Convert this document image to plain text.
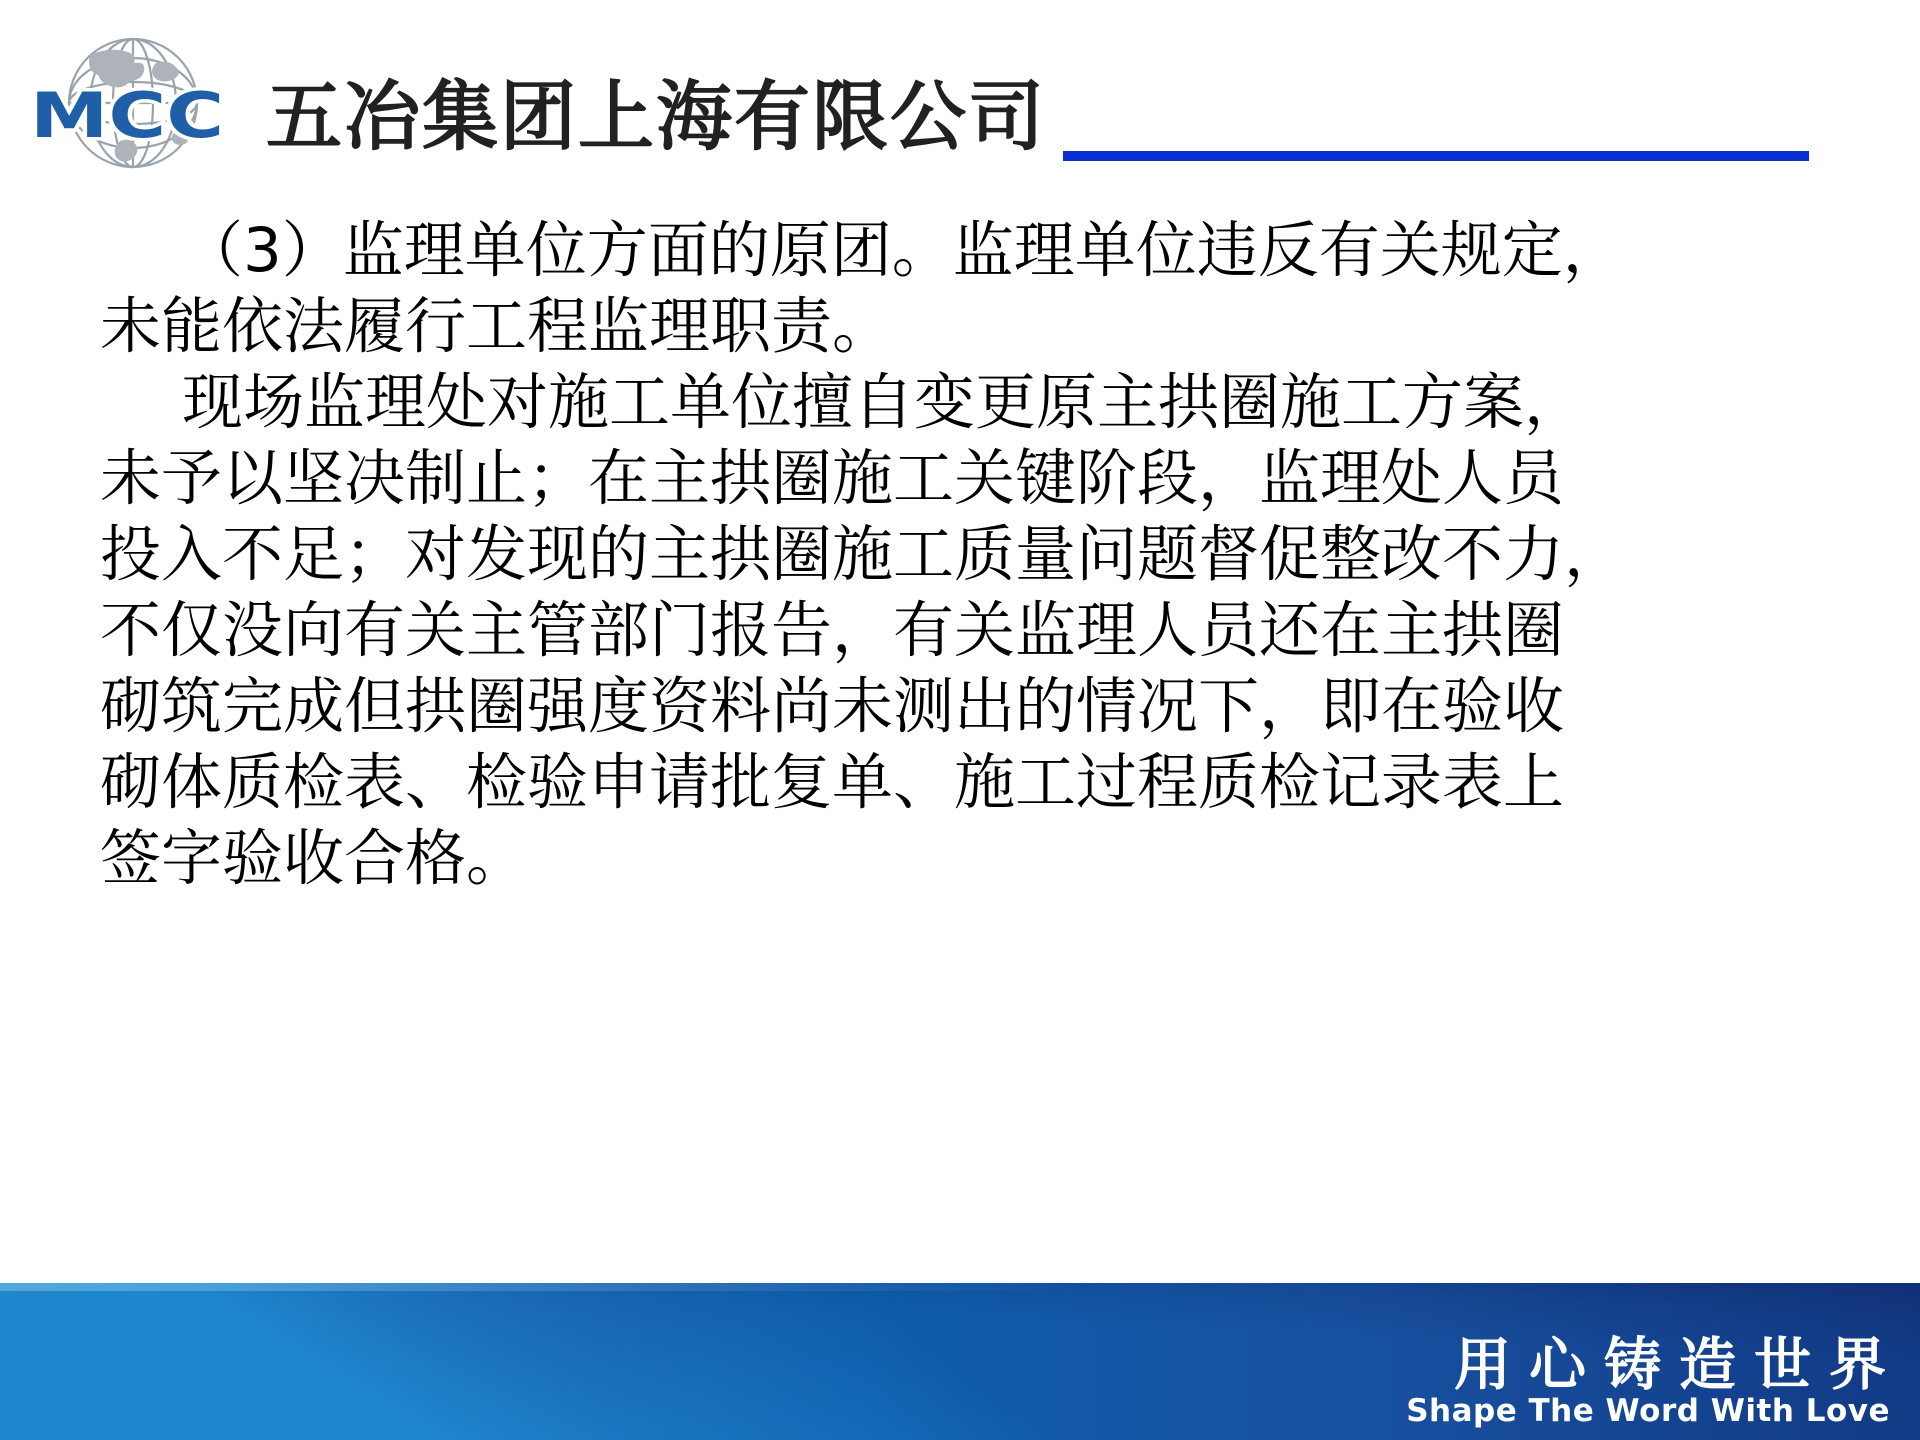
MCC 五冶集团上海有限公司
（3）监理单位方面的原团。监理单位违反有关规定，
未能依法履行工程监理职责。
现场监理处对施工单位擅自变更原主拱圈施工方案，
未予以坚决制止；在主拱圈施工关键阶段，监理处人员
投入不足；对发现的主拱圈施工质量问题督促整改不力，
不仅没向有关主管部门报告，有关监理人员还在主拱圈
砌筑完成但拱圈强度资料尚未测出的情况下，即在验收
砌体质检表、检验申请批复单、施工过程质检记录表上
签字验收合格。
用心铸造世界
Shape The Word With Love
